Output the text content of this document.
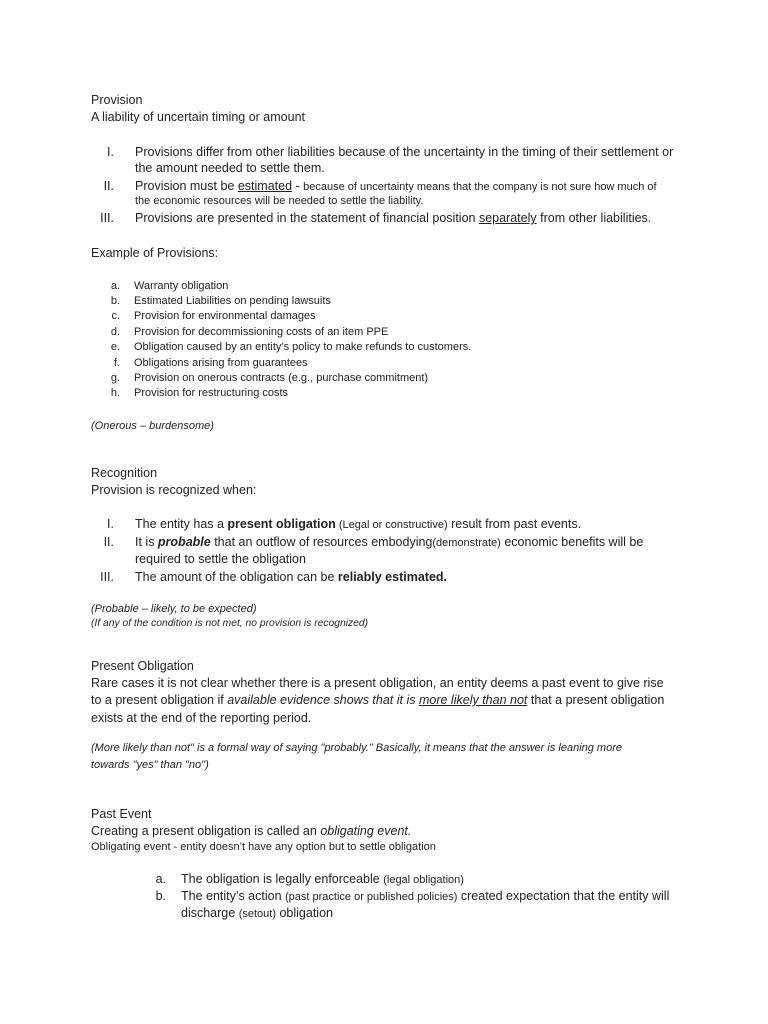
Provision
A liability of uncertain timing or amount
I. Provisions differ from other liabilities because of the uncertainty in the timing of their settlement or
the amount needed to settle them.
II. Provision must be estimated - because of uncertainty means that the company is not sure how much of
the economic resources will be needed to settle the liability.
III. Provisions are presented in the statement of financial position separately from other liabilities.
Example of Provisions:
a. Warranty obligation
b. Estimated Liabilities on pending lawsuits
c. Provision for environmental damages
d. Provision for decommissioning costs of an item PPE
e. Obligation caused by an entity’s policy to make refunds to customers.
f. Obligations arising from guarantees
g. Provision on onerous contracts (e.g., purchase commitment)
h. Provision for restructuring costs
(Onerous – burdensome)
Recognition
Provision is recognized when:
I. The entity has a present obligation (Legal or constructive) result from past events.
II. It is probable that an outflow of resources embodying(demonstrate) economic benefits will be
required to settle the obligation
III. The amount of the obligation can be reliably estimated.
(Probable – likely, to be expected)
(If any of the condition is not met, no provision is recognized)
Present Obligation
Rare cases it is not clear whether there is a present obligation, an entity deems a past event to give rise
to a present obligation if available evidence shows that it is more likely than not that a present obligation
exists at the end of the reporting period.
(More likely than not" is a formal way of saying "probably." Basically, it means that the answer is leaning more
towards "yes" than "no")
Past Event
Creating a present obligation is called an obligating event.
Obligating event - entity doesn’t have any option but to settle obligation
a. The obligation is legally enforceable (legal obligation)
b. The entity’s action (past practice or published policies) created expectation that the entity will
discharge (setout) obligation
